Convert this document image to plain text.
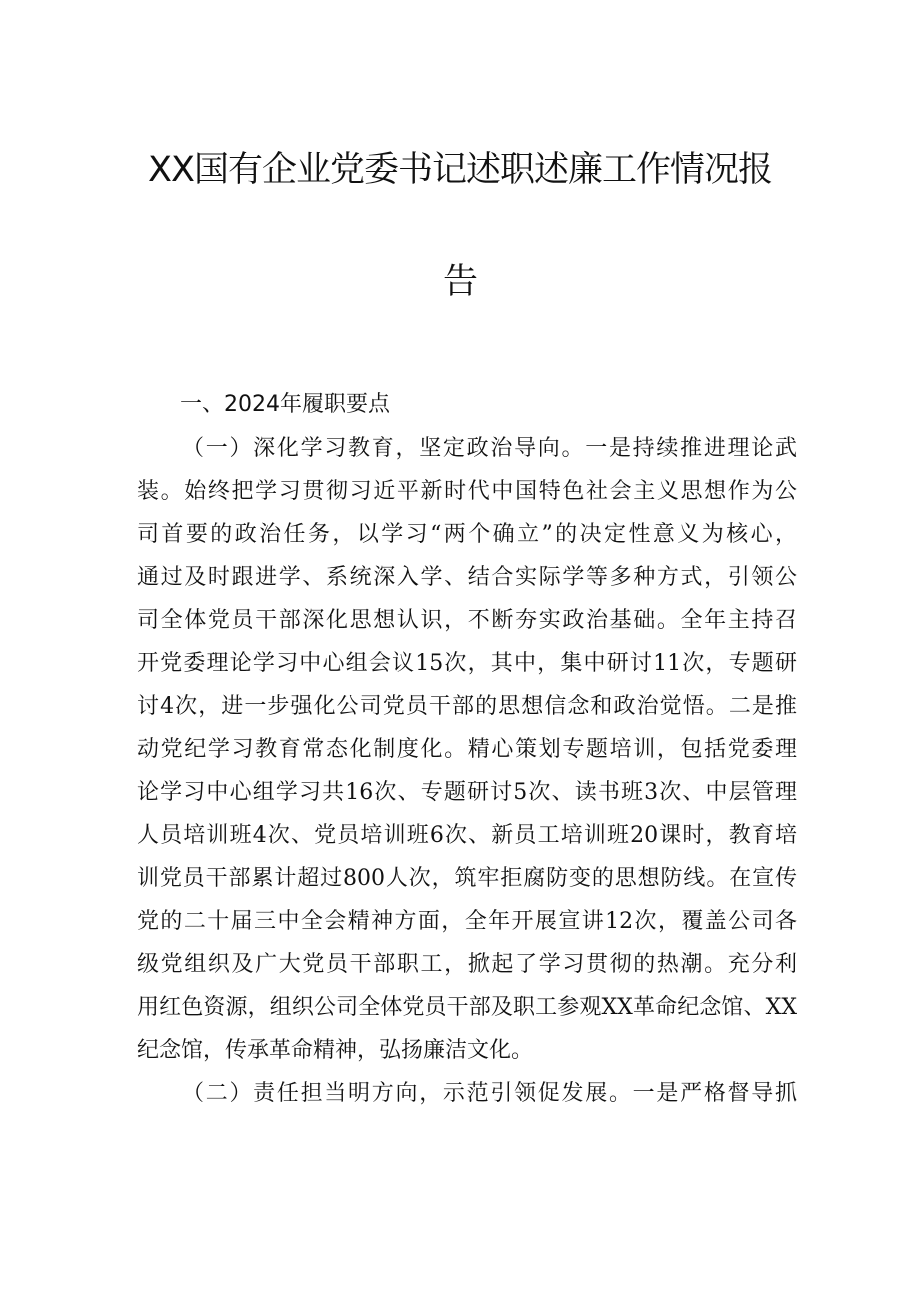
XX国有企业党委书记述职述廉工作情况报
告
一、2024年履职要点
（一）深化学习教育，坚定政治导向。一是持续推进理论武
装。始终把学习贯彻习近平新时代中国特色社会主义思想作为公
司首要的政治任务，以学习“两个确立”的决定性意义为核心，
通过及时跟进学、系统深入学、结合实际学等多种方式，引领公
司全体党员干部深化思想认识，不断夯实政治基础。全年主持召
开党委理论学习中心组会议15次，其中，集中研讨11次，专题研
讨4次，进一步强化公司党员干部的思想信念和政治觉悟。二是推
动党纪学习教育常态化制度化。精心策划专题培训，包括党委理
论学习中心组学习共16次、专题研讨5次、读书班3次、中层管理
人员培训班4次、党员培训班6次、新员工培训班20课时，教育培
训党员干部累计超过800人次，筑牢拒腐防变的思想防线。在宣传
党的二十届三中全会精神方面，全年开展宣讲12次，覆盖公司各
级党组织及广大党员干部职工，掀起了学习贯彻的热潮。充分利
用红色资源，组织公司全体党员干部及职工参观XX革命纪念馆、XX
纪念馆，传承革命精神，弘扬廉洁文化。
（二）责任担当明方向，示范引领促发展。一是严格督导抓
